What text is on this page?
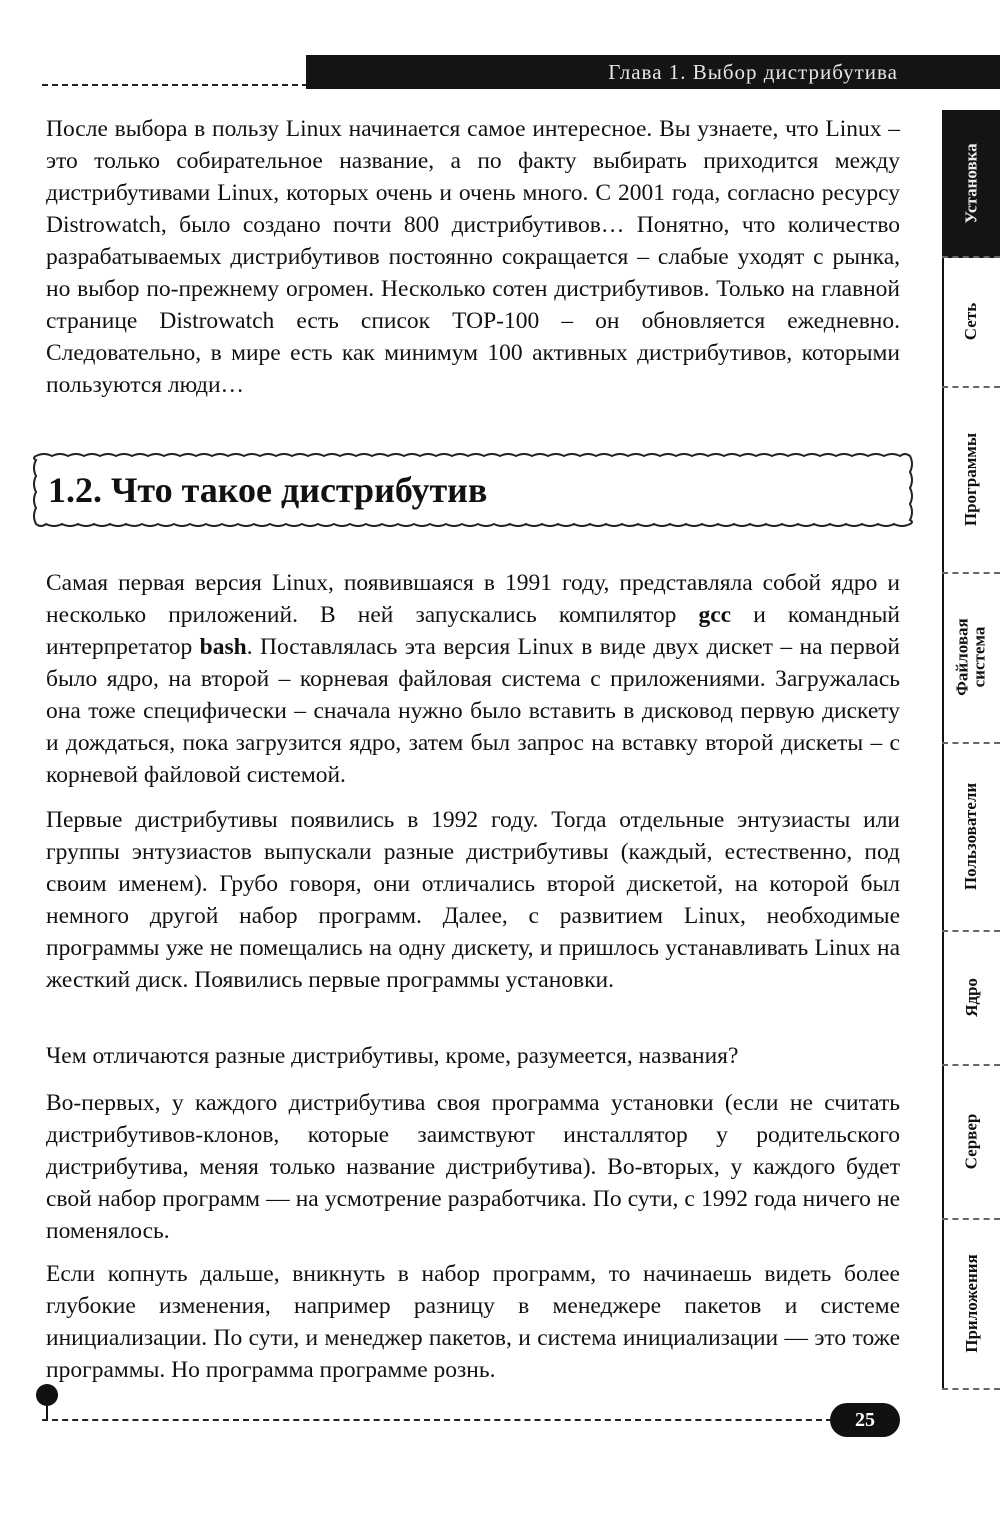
Глава 1. Выбор дистрибутива

После выбора в пользу Linux начинается самое интересное. Вы узнаете, что Linux – это только собирательное название, а по факту выбирать приходится между дистрибутивами Linux, которых очень и очень много. С 2001 года, согласно ресурсу Distrowatch, было создано почти 800 дистрибутивов… Понятно, что количество разрабатываемых дистрибутивов постоянно сокращается – слабые уходят с рынка, но выбор по-прежнему огромен. Несколько сотен дистрибутивов. Только на главной странице Distrowatch есть список TOP-100 – он обновляется ежедневно. Следовательно, в мире есть как минимум 100 активных дистрибутивов, которыми пользуются люди…

1.2. Что такое дистрибутив

Самая первая версия Linux, появившаяся в 1991 году, представляла собой ядро и несколько приложений. В ней запускались компилятор gcc и командный интерпретатор bash. Поставлялась эта версия Linux в виде двух дискет – на первой было ядро, на второй – корневая файловая система с приложениями. Загружалась она тоже специфически – сначала нужно было вставить в дисковод первую дискету и дождаться, пока загрузится ядро, затем был запрос на вставку второй дискеты – с корневой файловой системой.

Первые дистрибутивы появились в 1992 году. Тогда отдельные энтузиасты или группы энтузиастов выпускали разные дистрибутивы (каждый, естественно, под своим именем). Грубо говоря, они отличались второй дискетой, на которой был немного другой набор программ. Далее, с развитием Linux, необходимые программы уже не помещались на одну дискету, и пришлось устанавливать Linux на жесткий диск. Появились первые программы установки.

Чем отличаются разные дистрибутивы, кроме, разумеется, названия?

Во-первых, у каждого дистрибутива своя программа установки (если не считать дистрибутивов-клонов, которые заимствуют инсталлятор у родительского дистрибутива, меняя только название дистрибутива). Во-вторых, у каждого будет свой набор программ — на усмотрение разработчика. По сути, с 1992 года ничего не поменялось.

Если копнуть дальше, вникнуть в набор программ, то начинаешь видеть более глубокие изменения, например разницу в менеджере пакетов и системе инициализации. По сути, и менеджер пакетов, и система инициализации — это тоже программы. Но программа программе рознь.

Установка
Сеть
Программы
Файловая
система
Пользователи
Ядро
Сервер
Приложения
25
